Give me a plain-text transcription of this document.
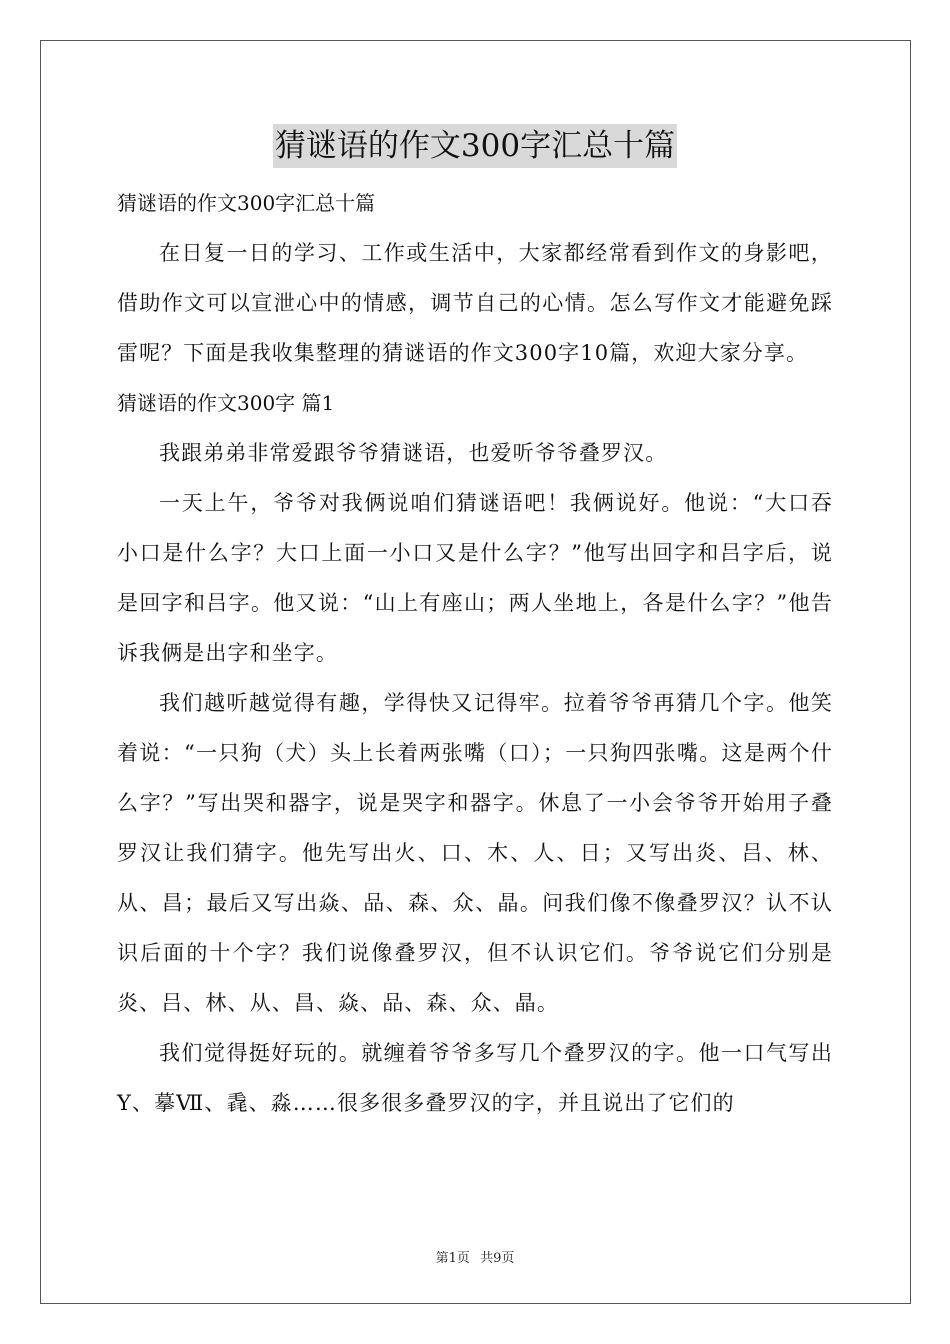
猜谜语的作文300字汇总十篇
猜谜语的作文300字汇总十篇

在日复一日的学习、工作或生活中，大家都经常看到作文的身影吧，借助作文可以宣泄心中的情感，调节自己的心情。怎么写作文才能避免踩雷呢？下面是我收集整理的猜谜语的作文300字10篇，欢迎大家分享。

猜谜语的作文300字 篇1

我跟弟弟非常爱跟爷爷猜谜语，也爱听爷爷叠罗汉。

一天上午，爷爷对我俩说咱们猜谜语吧！我俩说好。他说：“大口吞小口是什么字？大口上面一小口又是什么字？”他写出回字和吕字后，说是回字和吕字。他又说：“山上有座山；两人坐地上，各是什么字？”他告诉我俩是出字和坐字。

我们越听越觉得有趣，学得快又记得牢。拉着爷爷再猜几个字。他笑着说：“一只狗（犬）头上长着两张嘴（口）；一只狗四张嘴。这是两个什么字？”写出哭和器字，说是哭字和器字。休息了一小会爷爷开始用子叠罗汉让我们猜字。他先写出火、口、木、人、日；又写出炎、吕、林、从、昌；最后又写出焱、品、森、众、晶。问我们像不像叠罗汉？认不认识后面的十个字？我们说像叠罗汉，但不认识它们。爷爷说它们分别是炎、吕、林、从、昌、焱、品、森、众、晶。

我们觉得挺好玩的。就缠着爷爷多写几个叠罗汉的字。他一口气写出Y、摹Ⅶ、毳、淼……很多很多叠罗汉的字，并且说出了它们的

第1页 共9页
